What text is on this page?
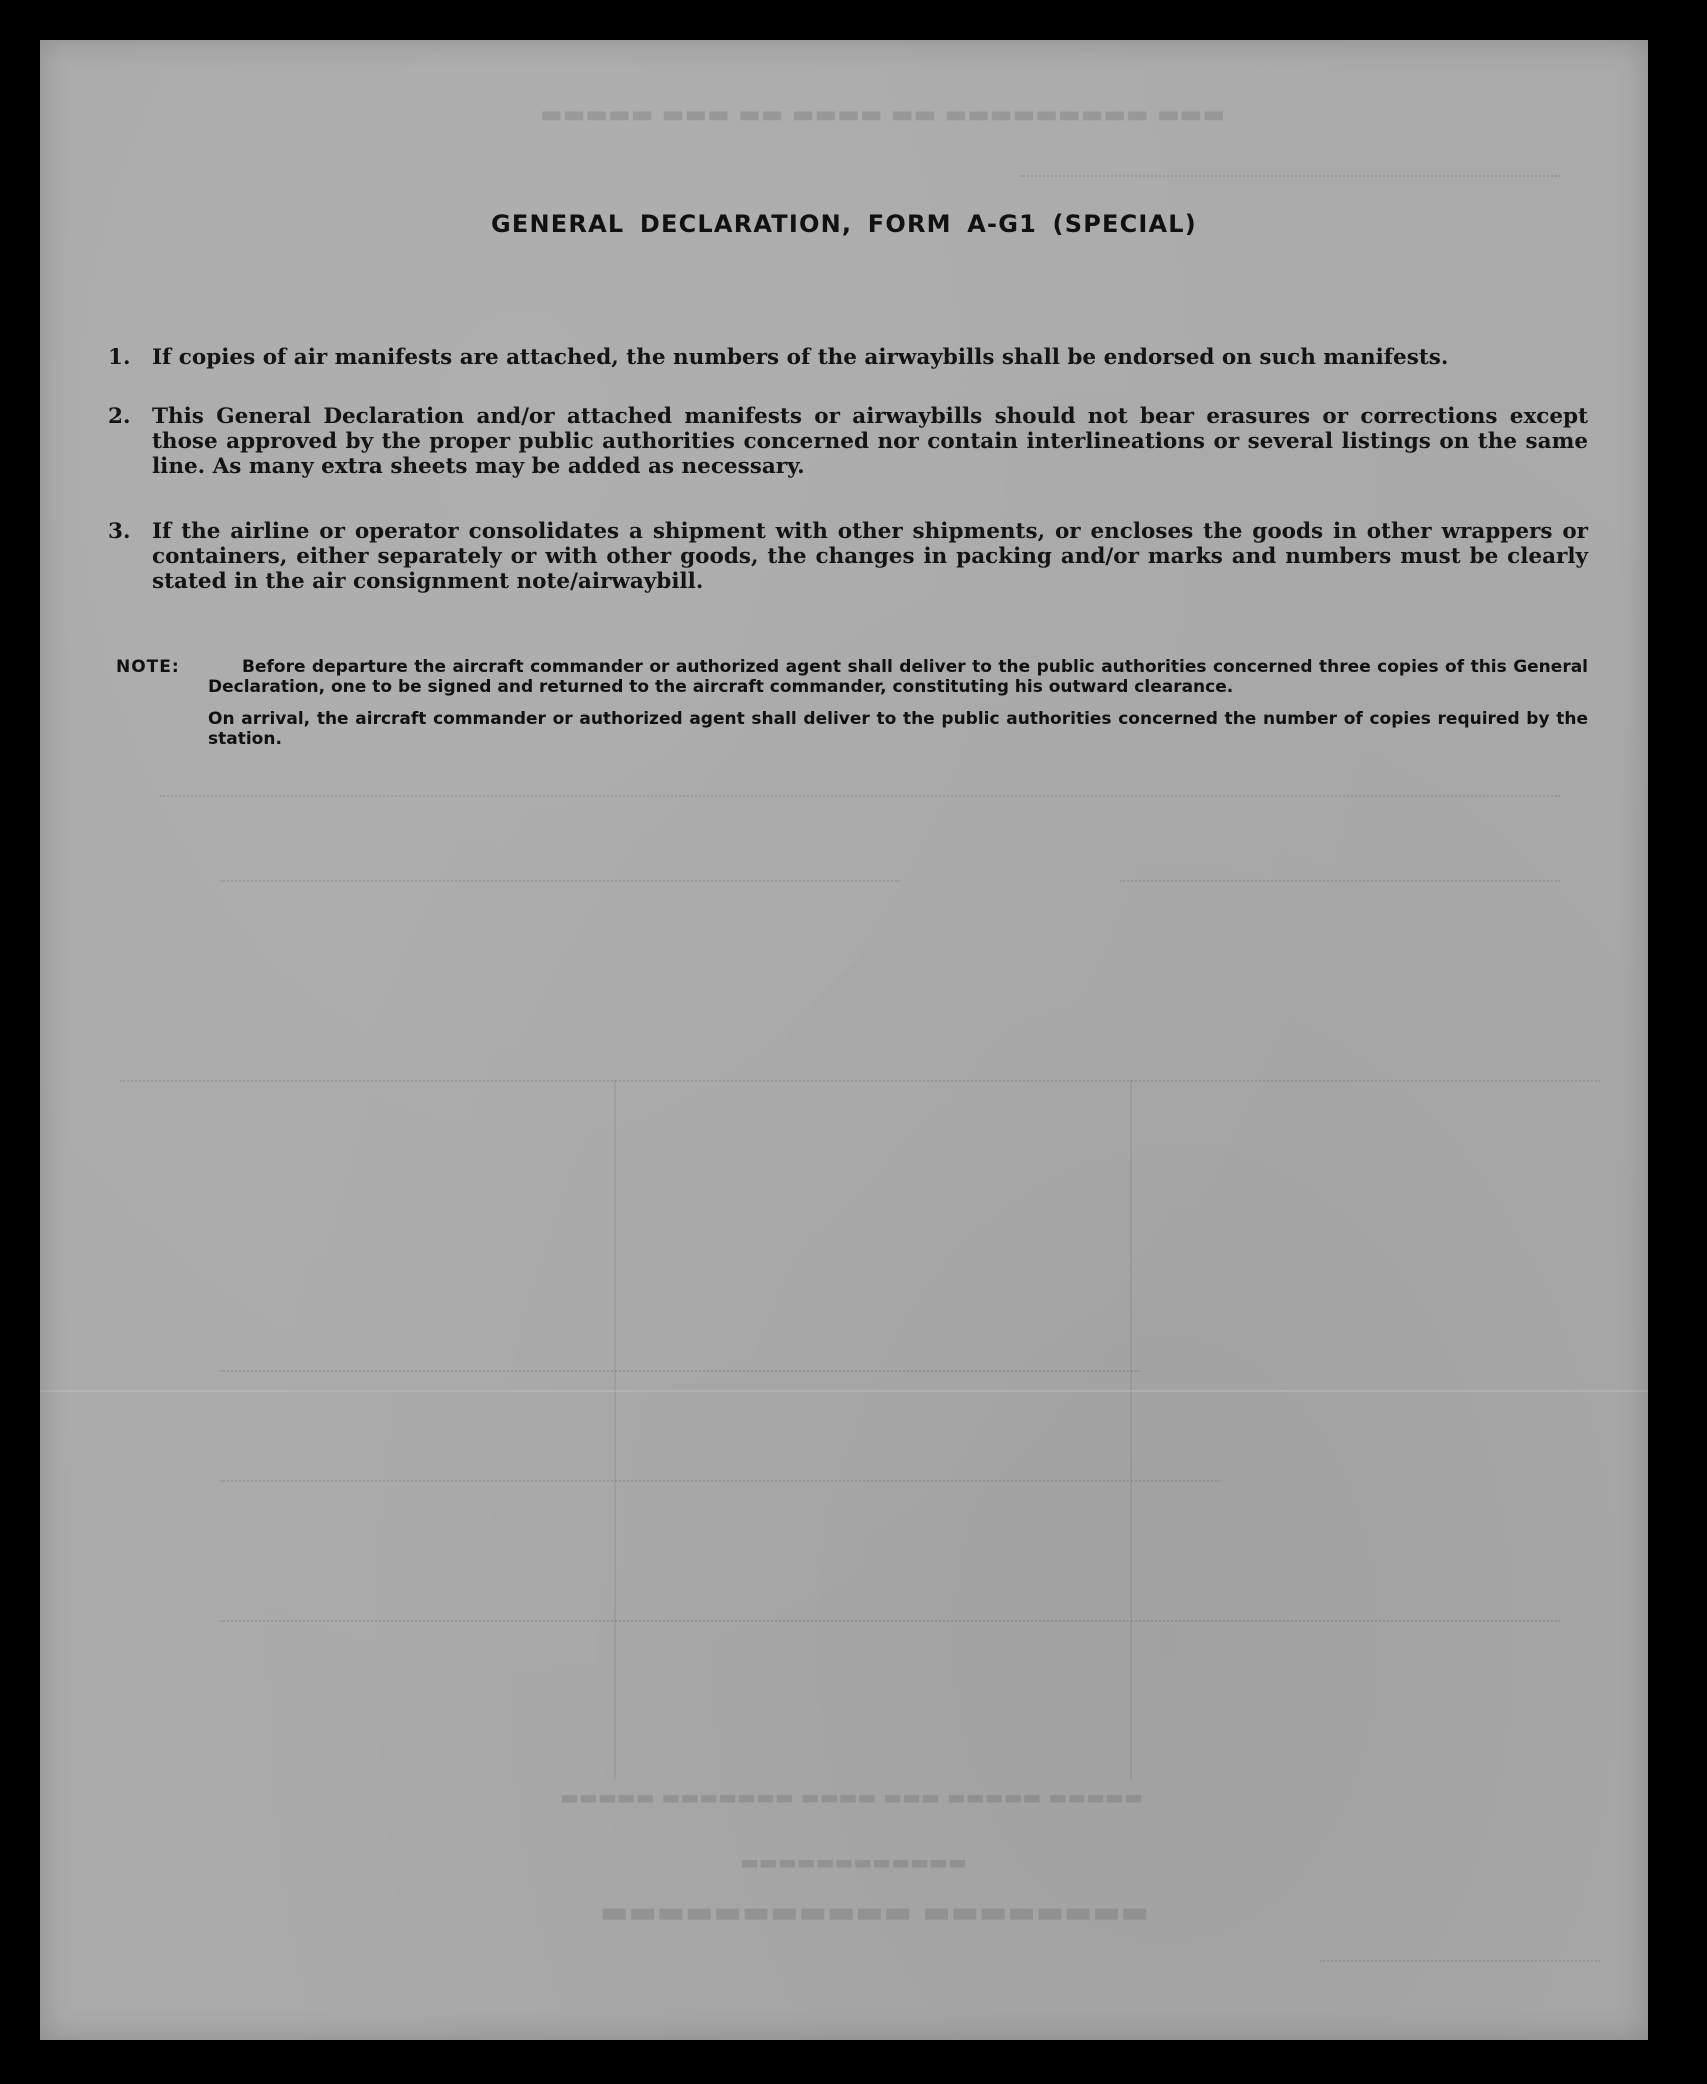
▬▬▬ ▬▬▬▬▬▬▬▬▬ ▬▬ ▬▬▬▬ ▬▬ ▬▬▬ ▬▬▬▬▬
▬▬▬▬▬ ▬▬▬▬▬ ▬▬▬ ▬▬▬▬ ▬▬▬▬▬▬▬ ▬▬▬▬▬
▬▬▬▬▬▬▬▬▬▬▬▬
▬▬▬▬▬▬▬▬ ▬▬▬▬▬▬▬▬▬▬▬
GENERAL DECLARATION, FORM A-G1 (SPECIAL)
1.	If copies of air manifests are attached, the numbers of the airwaybills shall be endorsed on such manifests.
2.	This General Declaration and/or attached manifests or airwaybills should not bear erasures or corrections except those approved by the proper public authorities concerned nor contain interlineations or several listings on the same line. As many extra sheets may be added as necessary.
3.	If the airline or operator consolidates a shipment with other shipments, or encloses the goods in other wrappers or containers, either separately or with other goods, the changes in packing and/or marks and numbers must be clearly stated in the air consignment note/airwaybill.
NOTE:	Before departure the aircraft commander or authorized agent shall deliver to the public authorities concerned three copies of this General Declaration, one to be signed and returned to the aircraft commander, constituting his outward clearance.

On arrival, the aircraft commander or authorized agent shall deliver to the public authorities concerned the number of copies required by the station.
